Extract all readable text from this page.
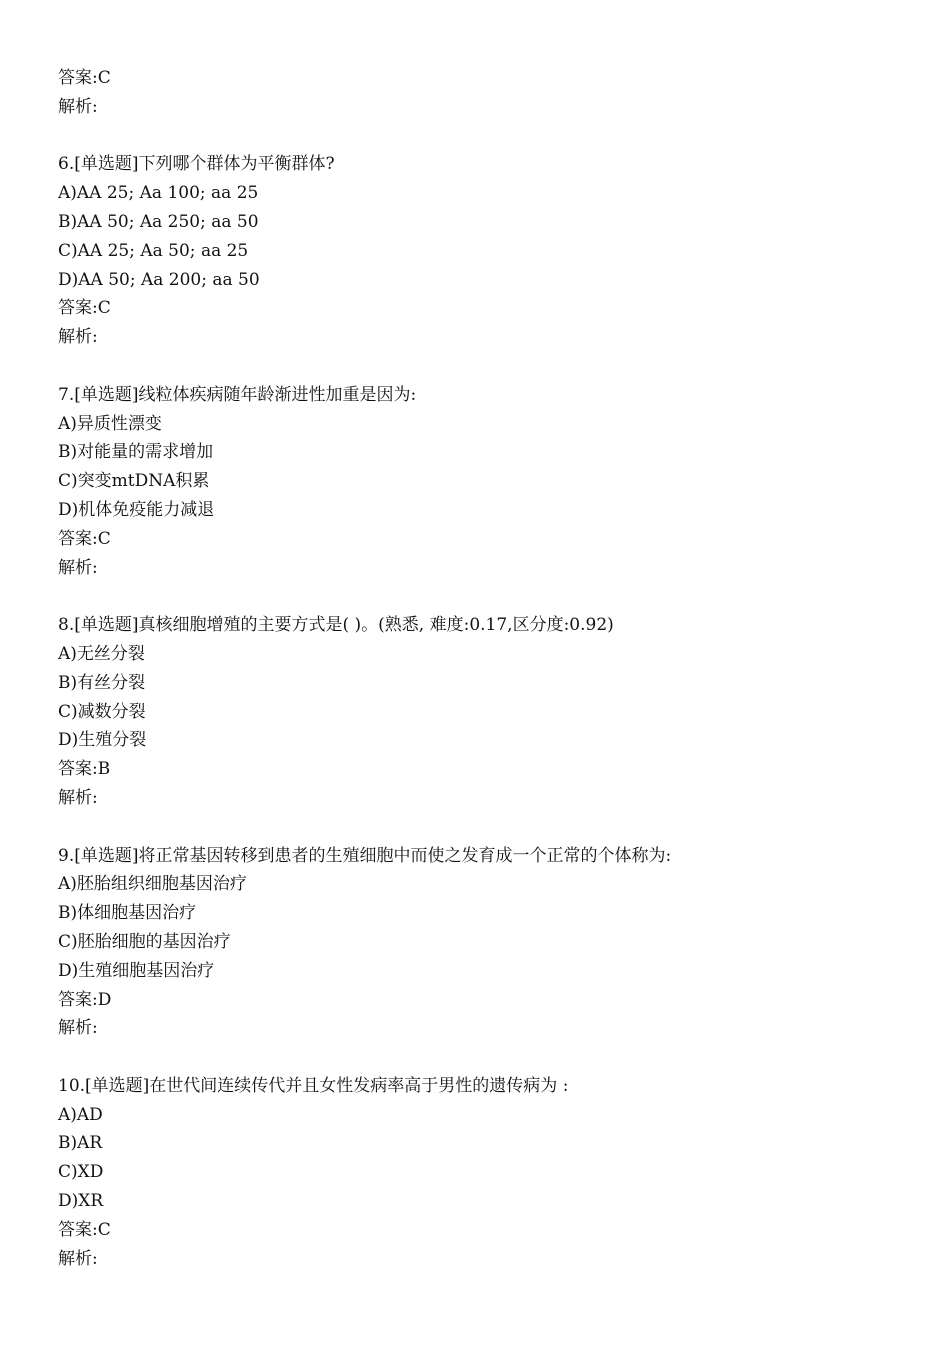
答案:C
解析:
6.[单选题]下列哪个群体为平衡群体?
A)AA 25; Aa 100; aa 25
B)AA 50; Aa 250; aa 50
C)AA 25; Aa 50; aa 25
D)AA 50; Aa 200; aa 50
答案:C
解析:
7.[单选题]线粒体疾病随年龄渐进性加重是因为:
A)异质性漂变
B)对能量的需求增加
C)突变mtDNA积累
D)机体免疫能力减退
答案:C
解析:
8.[单选题]真核细胞增殖的主要方式是( )。(熟悉, 难度:0.17,区分度:0.92)
A)无丝分裂
B)有丝分裂
C)减数分裂
D)生殖分裂
答案:B
解析:
9.[单选题]将正常基因转移到患者的生殖细胞中而使之发育成一个正常的个体称为:
A)胚胎组织细胞基因治疗
B)体细胞基因治疗
C)胚胎细胞的基因治疗
D)生殖细胞基因治疗
答案:D
解析:
10.[单选题]在世代间连续传代并且女性发病率高于男性的遗传病为 :
A)AD
B)AR
C)XD
D)XR
答案:C
解析:
